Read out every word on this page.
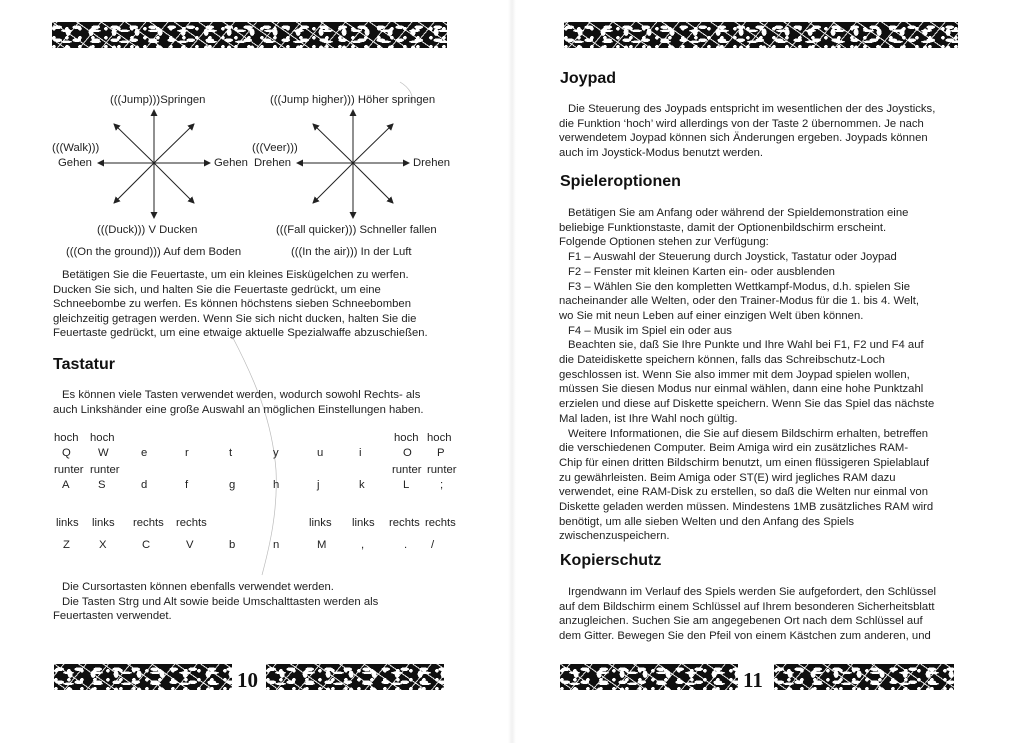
(((Jump)))Springen
(((Walk)))
Gehen	Gehen
(((Duck))) V Ducken
(((On the ground))) Auf dem Boden
(((Jump higher))) Höher springen
(((Veer)))
Drehen	Drehen
(((Fall quicker))) Schneller fallen
(((In the air))) In der Luft
Betätigen Sie die Feuertaste, um ein kleines Eiskügelchen zu werfen.
Ducken Sie sich, und halten Sie die Feuertaste gedrückt, um eine
Schneebombe zu werfen. Es können höchstens sieben Schneebomben
gleichzeitig getragen werden. Wenn Sie sich nicht ducken, halten Sie die
Feuertaste gedrückt, um eine etwaige aktuelle Spezialwaffe abzuschießen.
Tastatur
Es können viele Tasten verwendet werden, wodurch sowohl Rechts- als
auch Linkshänder eine große Auswahl an möglichen Einstellungen haben.
hoch hoch	hoch hoch
Q W	e	r	t	y	u	i	O P
runter runter	runter runter
A	S	d	f	g	h	j	k	L	;
links links rechts rechts	links links rechts rechts
Z	X	C	V	b	n	M	,	. /
Die Cursortasten können ebenfalls verwendet werden.
Die Tasten Strg und Alt sowie beide Umschalttasten werden als
Feuertasten verwendet.
10
Joypad
Die Steuerung des Joypads entspricht im wesentlichen der des Joysticks,
die Funktion ‘hoch’ wird allerdings von der Taste 2 übernommen. Je nach
verwendetem Joypad können sich Änderungen ergeben. Joypads können
auch im Joystick-Modus benutzt werden.
Spieleroptionen
Betätigen Sie am Anfang oder während der Spieldemonstration eine
beliebige Funktionstaste, damit der Optionenbildschirm erscheint.
Folgende Optionen stehen zur Verfügung:
F1 – Auswahl der Steuerung durch Joystick, Tastatur oder Joypad
F2 – Fenster mit kleinen Karten ein- oder ausblenden
F3 – Wählen Sie den kompletten Wettkampf-Modus, d.h. spielen Sie
nacheinander alle Welten, oder den Trainer-Modus für die 1. bis 4. Welt,
wo Sie mit neun Leben auf einer einzigen Welt üben können.
F4 – Musik im Spiel ein oder aus
Beachten sie, daß Sie Ihre Punkte und Ihre Wahl bei F1, F2 und F4 auf
die Dateidiskette speichern können, falls das Schreibschutz-Loch
geschlossen ist. Wenn Sie also immer mit dem Joypad spielen wollen,
müssen Sie diesen Modus nur einmal wählen, dann eine hohe Punktzahl
erzielen und diese auf Diskette speichern. Wenn Sie das Spiel das nächste
Mal laden, ist Ihre Wahl noch gültig.
Weitere Informationen, die Sie auf diesem Bildschirm erhalten, betreffen
die verschiedenen Computer. Beim Amiga wird ein zusätzliches RAM-
Chip für einen dritten Bildschirm benutzt, um einen flüssigeren Spielablauf
zu gewährleisten. Beim Amiga oder ST(E) wird jegliches RAM dazu
verwendet, eine RAM-Disk zu erstellen, so daß die Welten nur einmal von
Diskette geladen werden müssen. Mindestens 1MB zusätzliches RAM wird
benötigt, um alle sieben Welten und den Anfang des Spiels
zwischenzuspeichern.
Kopierschutz
Irgendwann im Verlauf des Spiels werden Sie aufgefordert, den Schlüssel
auf dem Bildschirm einem Schlüssel auf Ihrem besonderen Sicherheitsblatt
anzugleichen. Suchen Sie am angegebenen Ort nach dem Schlüssel auf
dem Gitter. Bewegen Sie den Pfeil von einem Kästchen zum anderen, und
11
